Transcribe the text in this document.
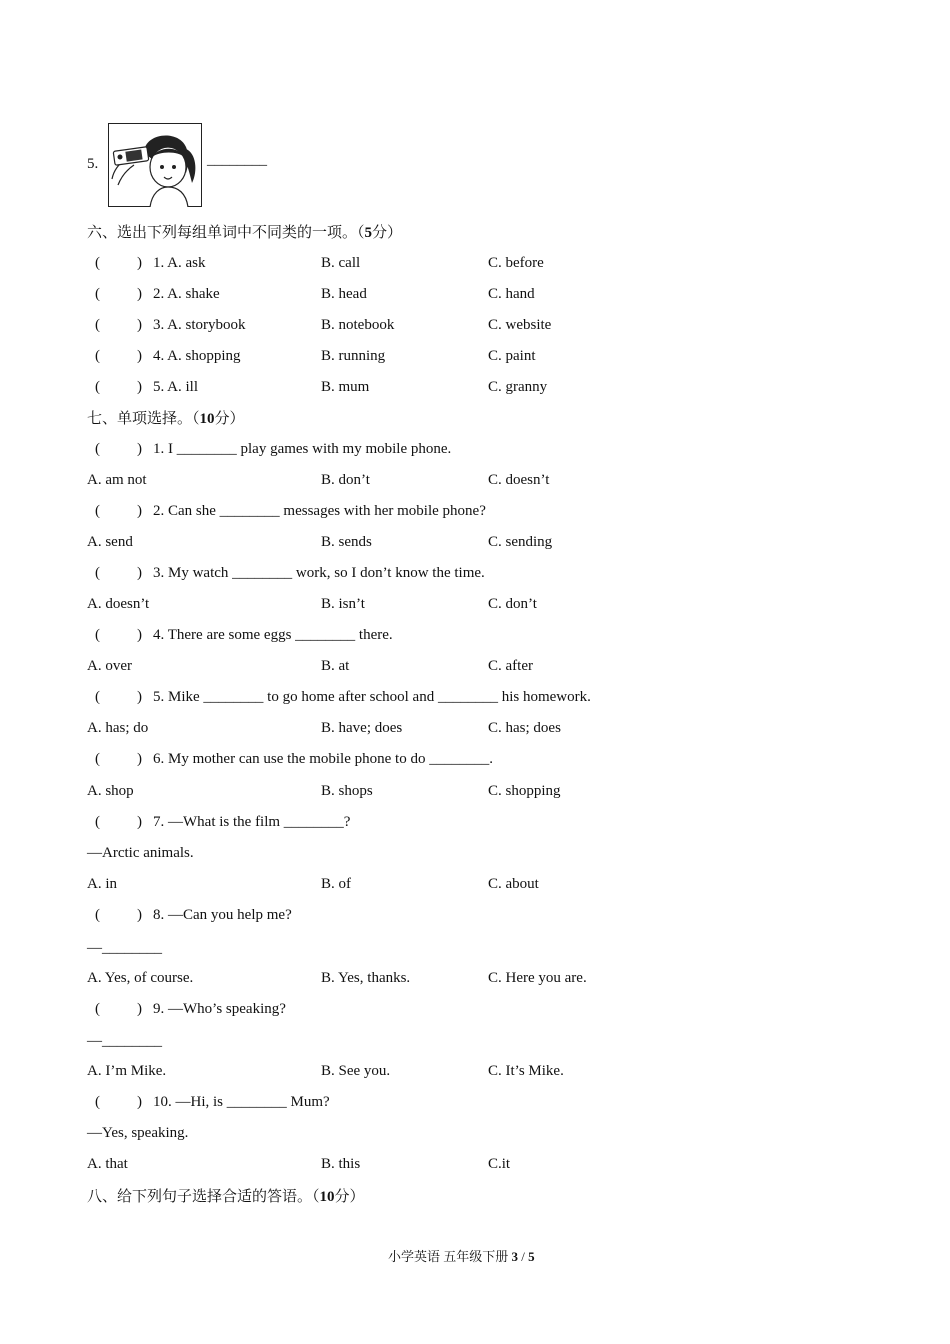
5.	________
六、选出下列每组单词中不同类的一项。（5分）
( ) 1. A. ask	B. call	C. before
( ) 2. A. shake	B. head	C. hand
( ) 3. A. storybook	B. notebook	C. website
( ) 4. A. shopping	B. running	C. paint
( ) 5. A. ill	B. mum	C. granny
七、单项选择。（10分）
( ) 1. I ________ play games with my mobile phone.
A. am not	B. don’t	C. doesn’t
( ) 2. Can she ________ messages with her mobile phone?
A. send	B. sends	C. sending
( ) 3. My watch ________ work, so I don’t know the time.
A. doesn’t	B. isn’t	C. don’t
( ) 4. There are some eggs ________ there.
A. over	B. at	C. after
( ) 5. Mike ________ to go home after school and ________ his homework.
A. has; do	B. have; does	C. has; does
( ) 6. My mother can use the mobile phone to do ________.
A. shop	B. shops	C. shopping
( ) 7. —What is the film ________?
—Arctic animals.
A. in	B. of	C. about
( ) 8. —Can you help me?
—________
A. Yes, of course.	B. Yes, thanks.	C. Here you are.
( ) 9. —Who’s speaking?
—________
A. I’m Mike.	B. See you.	C. It’s Mike.
( ) 10. —Hi, is ________ Mum?
—Yes, speaking.
A. that	B. this	C.it
八、给下列句子选择合适的答语。（10分）
小学英语 五年级下册 3 / 5
